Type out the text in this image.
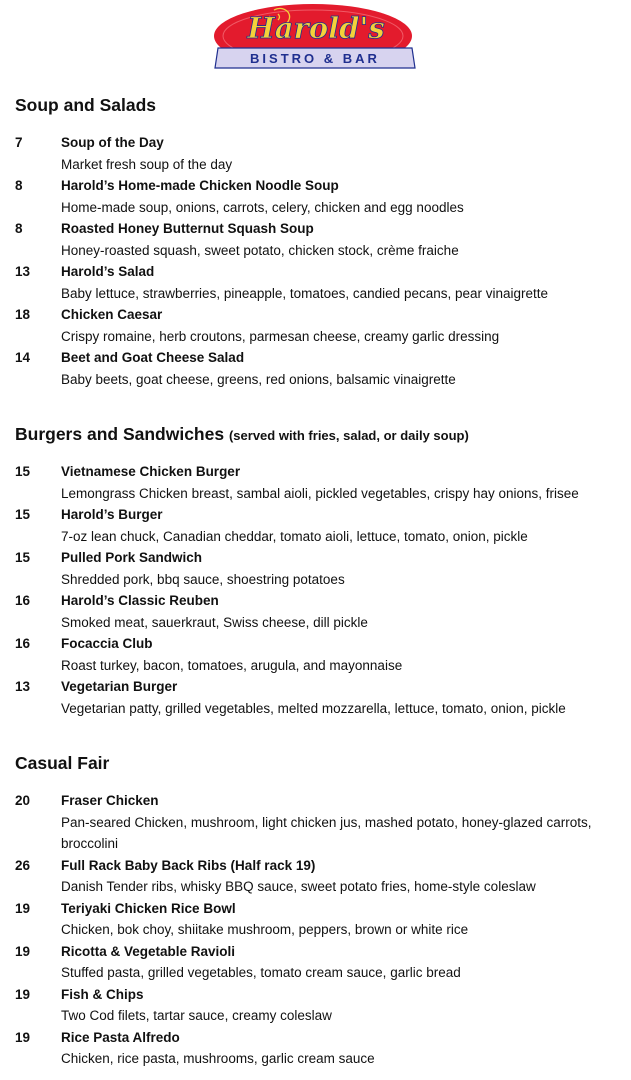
Harold's
BISTRO & BAR
Soup and Salads
7	Soup of the Day
Market fresh soup of the day
8	Harold’s Home-made Chicken Noodle Soup
Home-made soup, onions, carrots, celery, chicken and egg noodles
8	Roasted Honey Butternut Squash Soup
Honey-roasted squash, sweet potato, chicken stock, crème fraiche
13	Harold’s Salad
Baby lettuce, strawberries, pineapple, tomatoes, candied pecans, pear vinaigrette
18	Chicken Caesar
Crispy romaine, herb croutons, parmesan cheese, creamy garlic dressing
14	Beet and Goat Cheese Salad
Baby beets, goat cheese, greens, red onions, balsamic vinaigrette
Burgers and Sandwiches (served with fries, salad, or daily soup)
15	Vietnamese Chicken Burger
Lemongrass Chicken breast, sambal aioli, pickled vegetables, crispy hay onions, frisee
15	Harold’s Burger
7-oz lean chuck, Canadian cheddar, tomato aioli, lettuce, tomato, onion, pickle
15	Pulled Pork Sandwich
Shredded pork, bbq sauce, shoestring potatoes
16	Harold’s Classic Reuben
Smoked meat, sauerkraut, Swiss cheese, dill pickle
16	Focaccia Club
Roast turkey, bacon, tomatoes, arugula, and mayonnaise
13	Vegetarian Burger
Vegetarian patty, grilled vegetables, melted mozzarella, lettuce, tomato, onion, pickle
Casual Fair
20	Fraser Chicken
Pan-seared Chicken, mushroom, light chicken jus, mashed potato, honey-glazed carrots, broccolini
26	Full Rack Baby Back Ribs (Half rack 19)
Danish Tender ribs, whisky BBQ sauce, sweet potato fries, home-style coleslaw
19	Teriyaki Chicken Rice Bowl
Chicken, bok choy, shiitake mushroom, peppers, brown or white rice
19	Ricotta & Vegetable Ravioli
Stuffed pasta, grilled vegetables, tomato cream sauce, garlic bread
19	Fish & Chips
Two Cod filets, tartar sauce, creamy coleslaw
19	Rice Pasta Alfredo
Chicken, rice pasta, mushrooms, garlic cream sauce
